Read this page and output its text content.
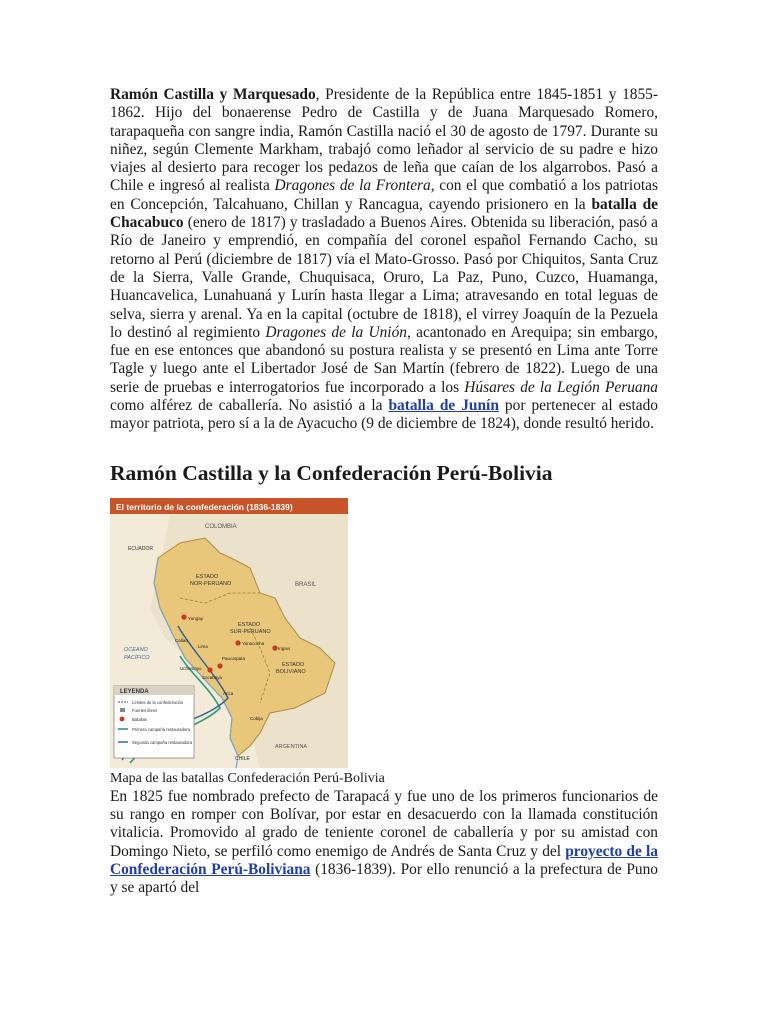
Ramón Castilla y Marquesado, Presidente de la República entre 1845-1851 y 1855-1862. Hijo del bonaerense Pedro de Castilla y de Juana Marquesado Romero, tarapaqueña con sangre india, Ramón Castilla nació el 30 de agosto de 1797. Durante su niñez, según Clemente Markham, trabajó como leñador al servicio de su padre e hizo viajes al desierto para recoger los pedazos de leña que caían de los algarrobos. Pasó a Chile e ingresó al realista Dragones de la Frontera, con el que combatió a los patriotas en Concepción, Talcahuano, Chillan y Rancagua, cayendo prisionero en la batalla de Chacabuco (enero de 1817) y trasladado a Buenos Aires. Obtenida su liberación, pasó a Río de Janeiro y emprendió, en compañía del coronel español Fernando Cacho, su retorno al Perú (diciembre de 1817) vía el Mato-Grosso. Pasó por Chiquitos, Santa Cruz de la Sierra, Valle Grande, Chuquisaca, Oruro, La Paz, Puno, Cuzco, Huamanga, Huancavelica, Lunahuaná y Lurín hasta llegar a Lima; atravesando en total leguas de selva, sierra y arenal. Ya en la capital (octubre de 1818), el virrey Joaquín de la Pezuela lo destinó al regimiento Dragones de la Unión, acantonado en Arequipa; sin embargo, fue en ese entonces que abandonó su postura realista y se presentó en Lima ante Torre Tagle y luego ante el Libertador José de San Martín (febrero de 1822). Luego de una serie de pruebas e interrogatorios fue incorporado a los Húsares de la Legión Peruana como alférez de caballería. No asistió a la batalla de Junín por pertenecer al estado mayor patriota, pero sí a la de Ayacucho (9 de diciembre de 1824), donde resultó herido.

Ramón Castilla y la Confederación Perú-Bolivia
El territorio de la confederación (1836-1839)
COLOMBIA
ECUADOR
BRASIL
ESTADO
NOR-PERUANO
ESTADO
SUR-PERUANO
ESTADO
BOLIVIANO
OCEANO
PACÍFICO
ARGENTINA
CHILE
Yungay
Callao
Lima
Yanacocha
Ingavi
Paucarpata
Uchumayo
Socabaya
Arica
Cobija
LEYENDA
Límites de la confederación
Fuertes libres
Batallas
Primera campaña restauradora
Segunda campaña restauradora

Mapa de las batallas Confederación Perú-Bolivia

En 1825 fue nombrado prefecto de Tarapacá y fue uno de los primeros funcionarios de su rango en romper con Bolívar, por estar en desacuerdo con la llamada constitución vitalicia. Promovido al grado de teniente coronel de caballería y por su amistad con Domingo Nieto, se perfiló como enemigo de Andrés de Santa Cruz y del proyecto de la Confederación Perú-Boliviana (1836-1839). Por ello renunció a la prefectura de Puno y se apartó del
